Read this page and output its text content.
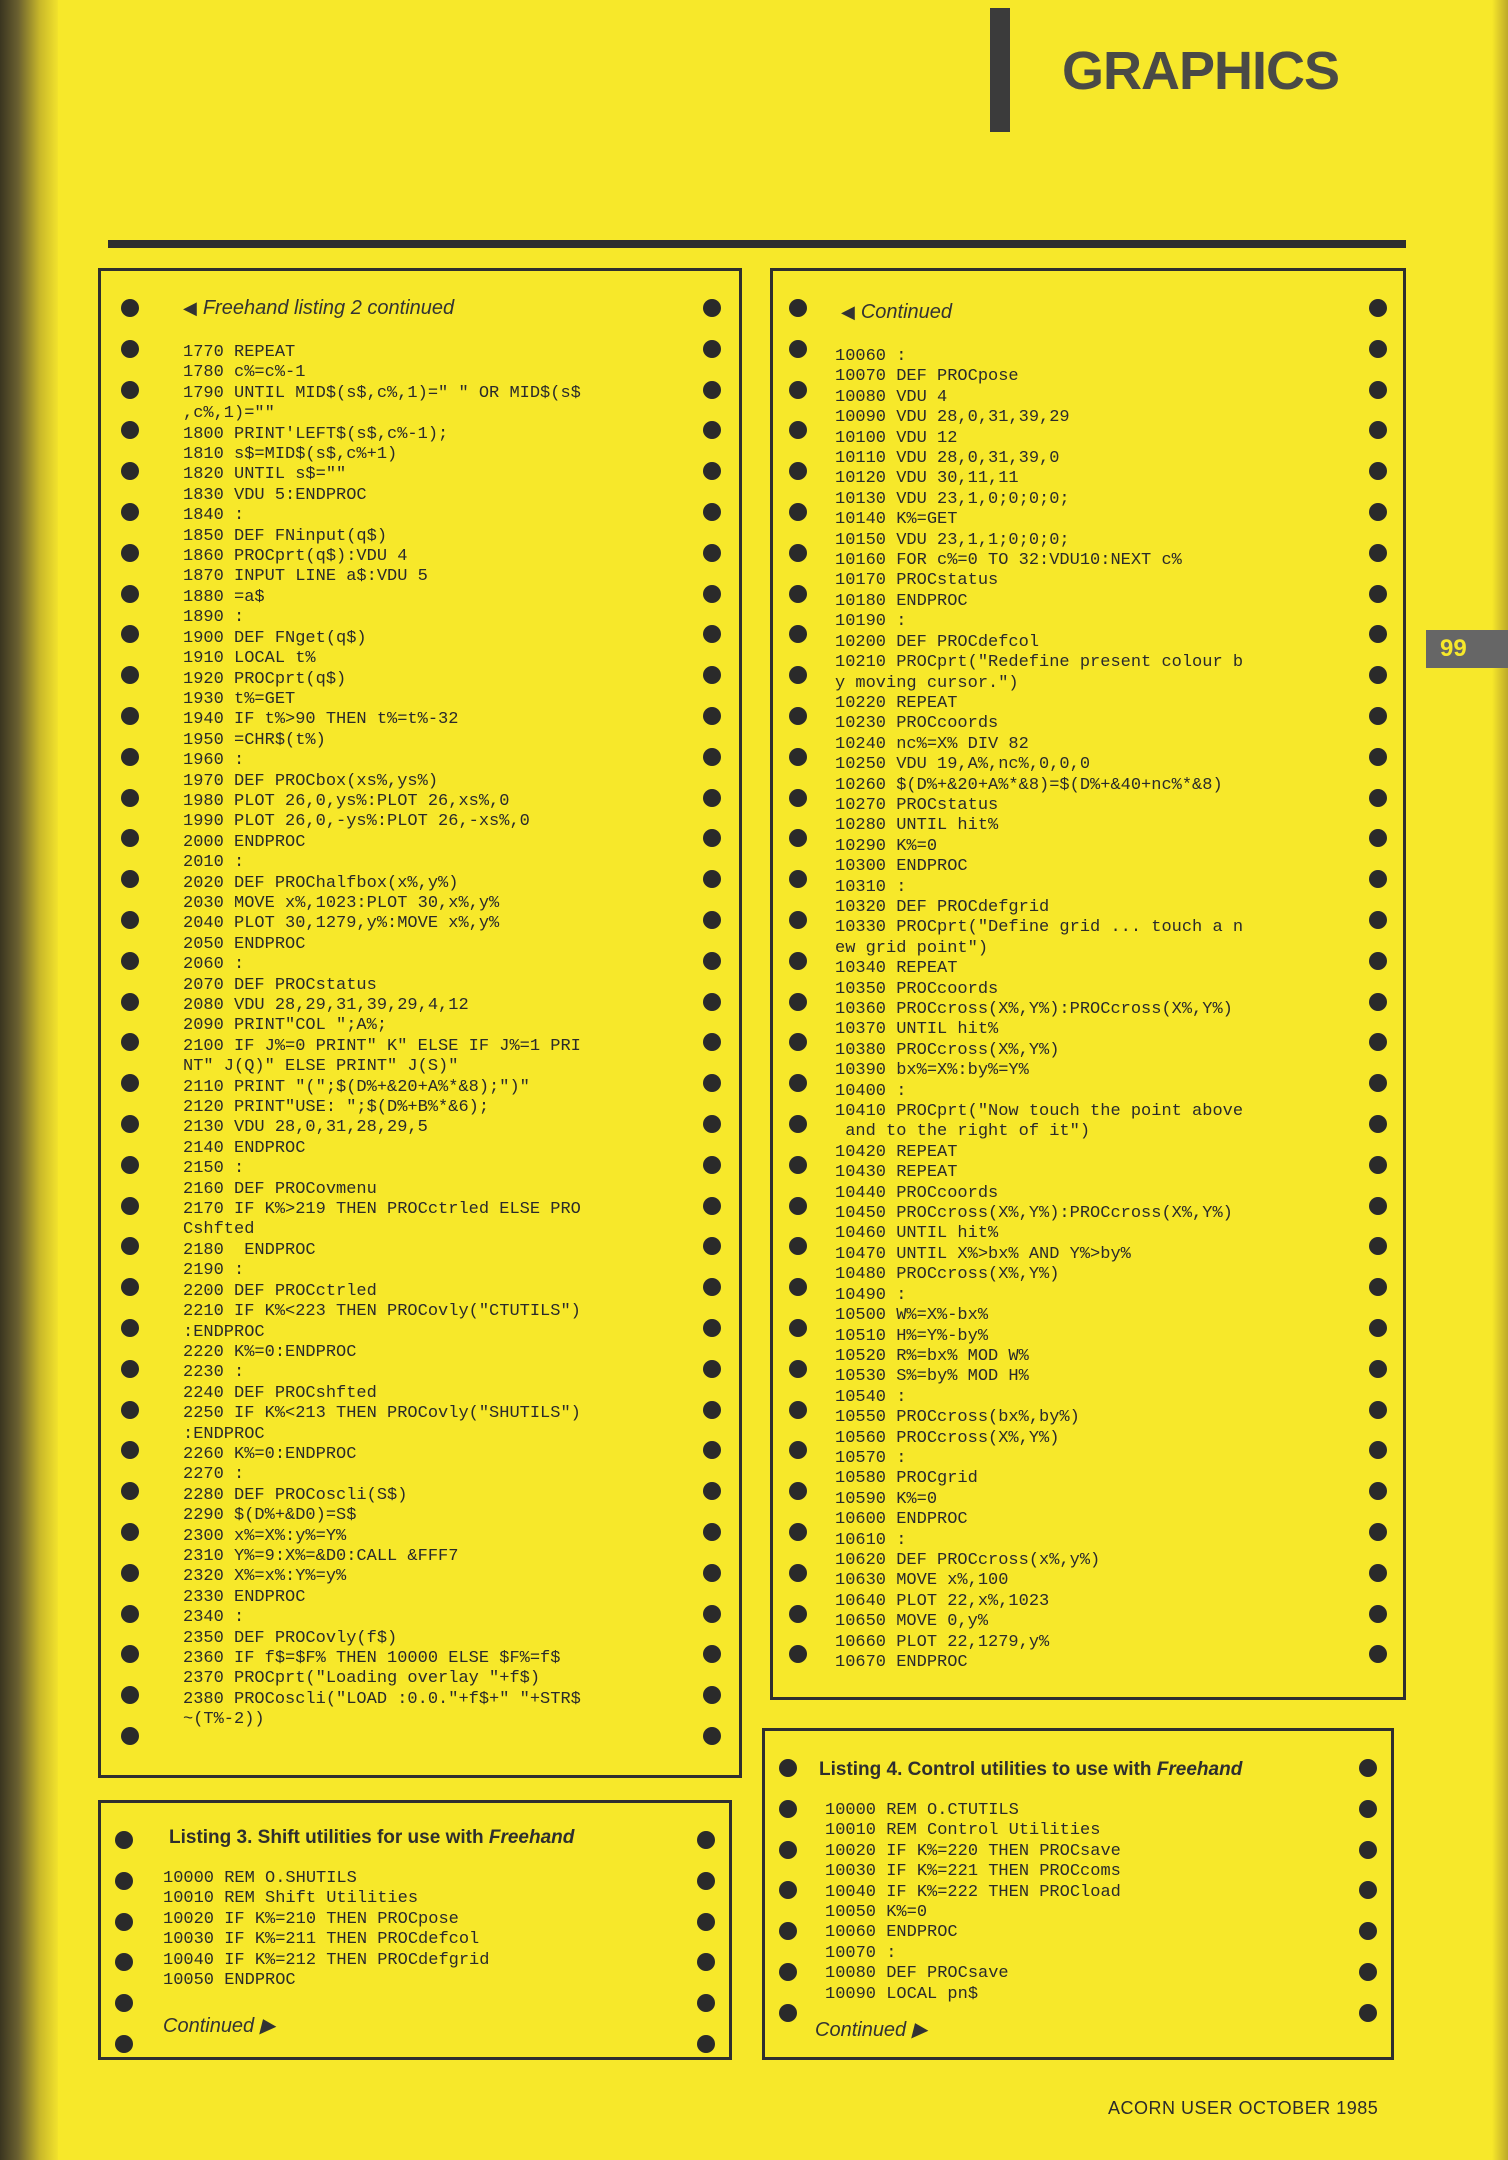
GRAPHICS
99
◀ Freehand listing 2 continued
1770 REPEAT
1780 c%=c%-1
1790 UNTIL MID$(s$,c%,1)=" " OR MID$(s$
,c%,1)=""
1800 PRINT'LEFT$(s$,c%-1);
1810 s$=MID$(s$,c%+1)
1820 UNTIL s$=""
1830 VDU 5:ENDPROC
1840 :
1850 DEF FNinput(q$)
1860 PROCprt(q$):VDU 4
1870 INPUT LINE a$:VDU 5
1880 =a$
1890 :
1900 DEF FNget(q$)
1910 LOCAL t%
1920 PROCprt(q$)
1930 t%=GET
1940 IF t%>90 THEN t%=t%-32
1950 =CHR$(t%)
1960 :
1970 DEF PROCbox(xs%,ys%)
1980 PLOT 26,0,ys%:PLOT 26,xs%,0
1990 PLOT 26,0,-ys%:PLOT 26,-xs%,0
2000 ENDPROC
2010 :
2020 DEF PROChalfbox(x%,y%)
2030 MOVE x%,1023:PLOT 30,x%,y%
2040 PLOT 30,1279,y%:MOVE x%,y%
2050 ENDPROC
2060 :
2070 DEF PROCstatus
2080 VDU 28,29,31,39,29,4,12
2090 PRINT"COL ";A%;
2100 IF J%=0 PRINT" K" ELSE IF J%=1 PRI
NT" J(Q)" ELSE PRINT" J(S)"
2110 PRINT "(";$(D%+&20+A%*&8);")"
2120 PRINT"USE: ";$(D%+B%*&6);
2130 VDU 28,0,31,28,29,5
2140 ENDPROC
2150 :
2160 DEF PROCovmenu
2170 IF K%>219 THEN PROCctrled ELSE PRO
Cshfted
2180  ENDPROC
2190 :
2200 DEF PROCctrled
2210 IF K%<223 THEN PROCovly("CTUTILS")
:ENDPROC
2220 K%=0:ENDPROC
2230 :
2240 DEF PROCshfted
2250 IF K%<213 THEN PROCovly("SHUTILS")
:ENDPROC
2260 K%=0:ENDPROC
2270 :
2280 DEF PROCoscli(S$)
2290 $(D%+&D0)=S$
2300 x%=X%:y%=Y%
2310 Y%=9:X%=&D0:CALL &FFF7
2320 X%=x%:Y%=y%
2330 ENDPROC
2340 :
2350 DEF PROCovly(f$)
2360 IF f$=$F% THEN 10000 ELSE $F%=f$
2370 PROCprt("Loading overlay "+f$)
2380 PROCoscli("LOAD :0.0."+f$+" "+STR$
~(T%-2))
◀ Continued
10060 :
10070 DEF PROCpose
10080 VDU 4
10090 VDU 28,0,31,39,29
10100 VDU 12
10110 VDU 28,0,31,39,0
10120 VDU 30,11,11
10130 VDU 23,1,0;0;0;0;
10140 K%=GET
10150 VDU 23,1,1;0;0;0;
10160 FOR c%=0 TO 32:VDU10:NEXT c%
10170 PROCstatus
10180 ENDPROC
10190 :
10200 DEF PROCdefcol
10210 PROCprt("Redefine present colour b
y moving cursor.")
10220 REPEAT
10230 PROCcoords
10240 nc%=X% DIV 82
10250 VDU 19,A%,nc%,0,0,0
10260 $(D%+&20+A%*&8)=$(D%+&40+nc%*&8)
10270 PROCstatus
10280 UNTIL hit%
10290 K%=0
10300 ENDPROC
10310 :
10320 DEF PROCdefgrid
10330 PROCprt("Define grid ... touch a n
ew grid point")
10340 REPEAT
10350 PROCcoords
10360 PROCcross(X%,Y%):PROCcross(X%,Y%)
10370 UNTIL hit%
10380 PROCcross(X%,Y%)
10390 bx%=X%:by%=Y%
10400 :
10410 PROCprt("Now touch the point above
and to the right of it")
10420 REPEAT
10430 REPEAT
10440 PROCcoords
10450 PROCcross(X%,Y%):PROCcross(X%,Y%)
10460 UNTIL hit%
10470 UNTIL X%>bx% AND Y%>by%
10480 PROCcross(X%,Y%)
10490 :
10500 W%=X%-bx%
10510 H%=Y%-by%
10520 R%=bx% MOD W%
10530 S%=by% MOD H%
10540 :
10550 PROCcross(bx%,by%)
10560 PROCcross(X%,Y%)
10570 :
10580 PROCgrid
10590 K%=0
10600 ENDPROC
10610 :
10620 DEF PROCcross(x%,y%)
10630 MOVE x%,100
10640 PLOT 22,x%,1023
10650 MOVE 0,y%
10660 PLOT 22,1279,y%
10670 ENDPROC
Listing 3. Shift utilities for use with Freehand
10000 REM O.SHUTILS
10010 REM Shift Utilities
10020 IF K%=210 THEN PROCpose
10030 IF K%=211 THEN PROCdefcol
10040 IF K%=212 THEN PROCdefgrid
10050 ENDPROC
Continued ▶
Listing 4. Control utilities to use with Freehand
10000 REM O.CTUTILS
10010 REM Control Utilities
10020 IF K%=220 THEN PROCsave
10030 IF K%=221 THEN PROCcoms
10040 IF K%=222 THEN PROCload
10050 K%=0
10060 ENDPROC
10070 :
10080 DEF PROCsave
10090 LOCAL pn$
Continued ▶
ACORN USER OCTOBER 1985
